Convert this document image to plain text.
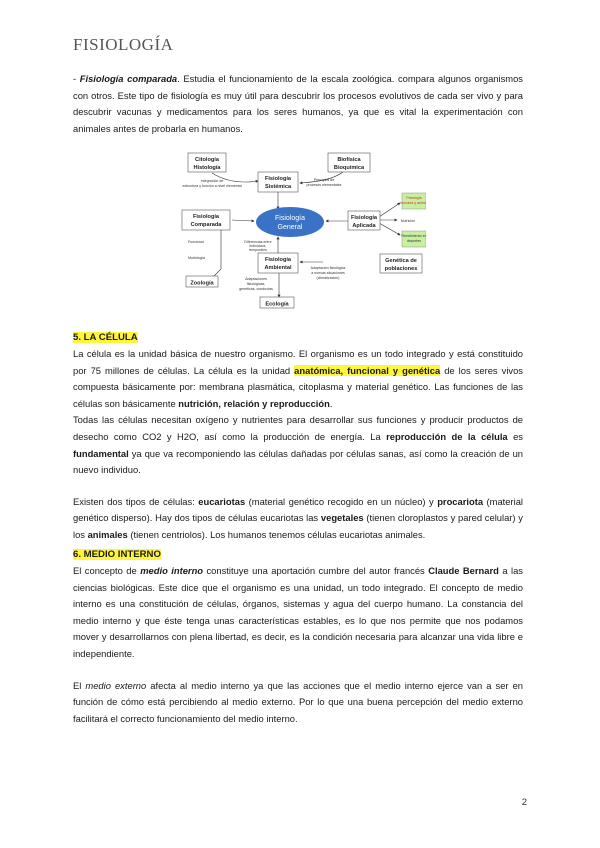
FISIOLOGÍA

- Fisiología comparada. Estudia el funcionamiento de la escala zoológica. compara algunos organismos con otros. Este tipo de fisiología es muy útil para descubrir los procesos evolutivos de cada ser vivo y para descubrir vacunas y medicamentos para los seres humanos, ya que es vital la experimentación con animales antes de probarla en humanos.

Fisiología
General
Citología
Histología
Fisiología
Sistémica
Biofísica
Bioquímica
Fisiología
Comparada
Fisiología
Aplicada
Fisiología
Ambiental
Genética de
poblaciones
Zoología
Ecología
Integración de
estructura y función a nivel elemental
Principios de
procesos elementales
Patología
humana y animal
Nutrición
Rendimiento en
deportes
Funcional
Morfología
Diferencias entre
individuos,
temporales
Adaptación fisiológica
a nuevas situaciones
(climatización)
Adaptaciones
fisiológicas,
genéticas, conductas
5. LA CÉLULA

La célula es la unidad básica de nuestro organismo. El organismo es un todo integrado y está constituido por 75 millones de células. La célula es la unidad anatómica, funcional y genética de los seres vivos compuesta básicamente por: membrana plasmática, citoplasma y material genético. Las funciones de las células son básicamente nutrición, relación y reproducción.

Todas las células necesitan oxígeno y nutrientes para desarrollar sus funciones y producir productos de desecho como CO2 y H2O, así como la producción de energía. La reproducción de la célula es fundamental ya que va recomponiendo las células dañadas por células sanas, así como la creación de un nuevo individuo.

Existen dos tipos de células: eucariotas (material genético recogido en un núcleo) y procariota (material genético disperso). Hay dos tipos de células eucariotas las vegetales (tienen cloroplastos y pared celular) y los animales (tienen centriolos). Los humanos tenemos células eucariotas animales.

6. MEDIO INTERNO

El concepto de medio interno constituye una aportación cumbre del autor francés Claude Bernard a las ciencias biológicas. Este dice que el organismo es una unidad, un todo integrado. El concepto de medio interno es una constitución de células, órganos, sistemas y agua del cuerpo humano. La constancia del medio interno y que éste tenga unas características estables, es lo que nos permite que nos podamos mover y desarrollarnos con plena libertad, es decir, es la condición necesaria para alcanzar una vida libre e independiente.

El medio externo afecta al medio interno ya que las acciones que el medio interno ejerce van a ser en función de cómo está percibiendo al medio externo. Por lo que una buena percepción del medio externo facilitará el correcto funcionamiento del medio interno.

2
